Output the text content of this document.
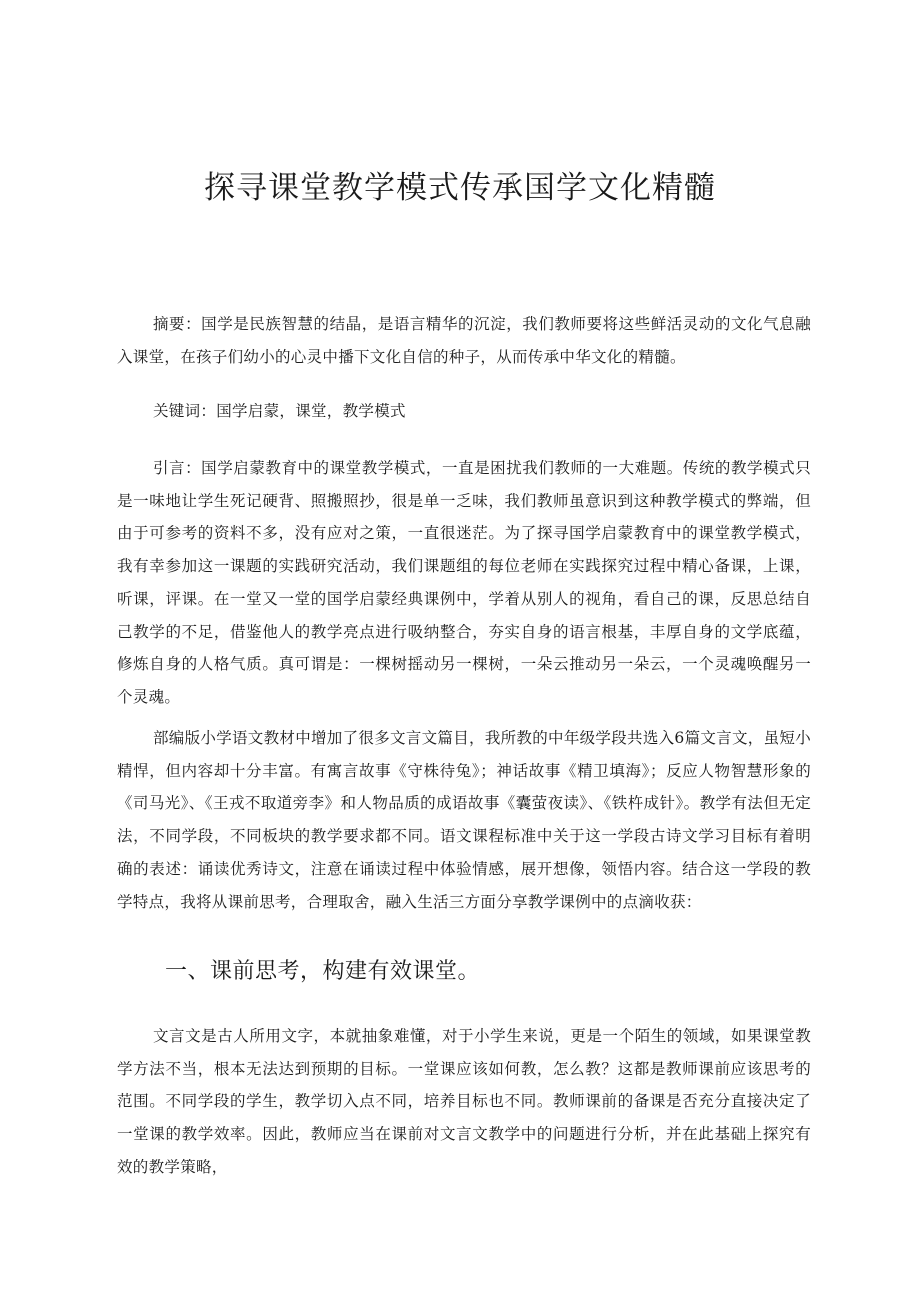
探寻课堂教学模式传承国学文化精髓

摘要：国学是民族智慧的结晶，是语言精华的沉淀，我们教师要将这些鲜活灵动的文化气息融入课堂，在孩子们幼小的心灵中播下文化自信的种子，从而传承中华文化的精髓。

关键词：国学启蒙，课堂，教学模式

引言：国学启蒙教育中的课堂教学模式，一直是困扰我们教师的一大难题。传统的教学模式只是一味地让学生死记硬背、照搬照抄，很是单一乏味，我们教师虽意识到这种教学模式的弊端，但由于可参考的资料不多，没有应对之策，一直很迷茫。为了探寻国学启蒙教育中的课堂教学模式，我有幸参加这一课题的实践研究活动，我们课题组的每位老师在实践探究过程中精心备课，上课，听课，评课。在一堂又一堂的国学启蒙经典课例中，学着从别人的视角，看自己的课，反思总结自己教学的不足，借鉴他人的教学亮点进行吸纳整合，夯实自身的语言根基，丰厚自身的文学底蕴，修炼自身的人格气质。真可谓是：一棵树摇动另一棵树，一朵云推动另一朵云，一个灵魂唤醒另一个灵魂。

部编版小学语文教材中增加了很多文言文篇目，我所教的中年级学段共选入6篇文言文，虽短小精悍，但内容却十分丰富。有寓言故事《守株待兔》；神话故事《精卫填海》；反应人物智慧形象的《司马光》、《王戎不取道旁李》和人物品质的成语故事《囊萤夜读》、《铁杵成针》。教学有法但无定法，不同学段，不同板块的教学要求都不同。语文课程标准中关于这一学段古诗文学习目标有着明确的表述：诵读优秀诗文，注意在诵读过程中体验情感，展开想像，领悟内容。结合这一学段的教学特点，我将从课前思考，合理取舍，融入生活三方面分享教学课例中的点滴收获：

一、课前思考，构建有效课堂。

文言文是古人所用文字，本就抽象难懂，对于小学生来说，更是一个陌生的领域，如果课堂教学方法不当，根本无法达到预期的目标。一堂课应该如何教，怎么教？这都是教师课前应该思考的范围。不同学段的学生，教学切入点不同，培养目标也不同。教师课前的备课是否充分直接决定了一堂课的教学效率。因此，教师应当在课前对文言文教学中的问题进行分析，并在此基础上探究有效的教学策略，
